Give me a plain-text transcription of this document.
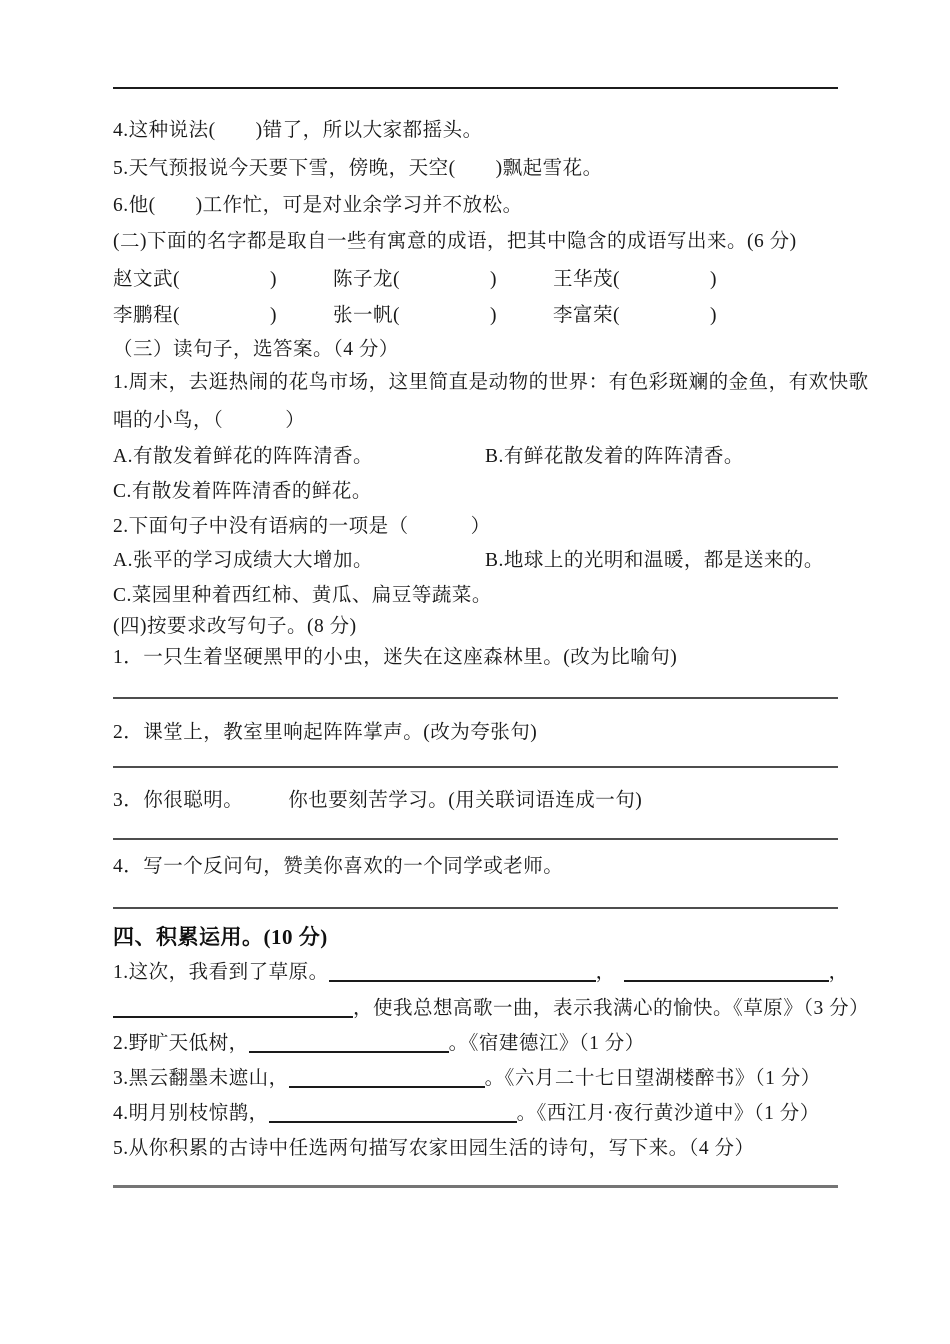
4.这种说法( )错了，所以大家都摇头。
5.天气预报说今天要下雪，傍晚，天空( )飘起雪花。
6.他( )工作忙，可是对业余学习并不放松。
(二)下面的名字都是取自一些有寓意的成语，把其中隐含的成语写出来。(6 分)
赵文武(	)	陈子龙(	)	王华茂(	)
李鹏程(	)	张一帆(	)	李富荣(	)
（三）读句子，选答案。（4 分）
1.周末，去逛热闹的花鸟市场，这里简直是动物的世界：有色彩斑斓的金鱼，有欢快歌
唱的小鸟，（	）
A.有散发着鲜花的阵阵清香。	B.有鲜花散发着的阵阵清香。
C.有散发着阵阵清香的鲜花。
2.下面句子中没有语病的一项是（	）
A.张平的学习成绩大大增加。	B.地球上的光明和温暖，都是送来的。
C.菜园里种着西红柿、黄瓜、扁豆等蔬菜。
(四)按要求改写句子。(8 分)
1．一只生着坚硬黑甲的小虫，迷失在这座森林里。(改为比喻句)
2．课堂上，教室里响起阵阵掌声。(改为夸张句)
3．你很聪明。 你也要刻苦学习。(用关联词语连成一句)
4．写一个反问句，赞美你喜欢的一个同学或老师。
四、积累运用。(10 分)
1.这次，我看到了草原。	，	，
，使我总想高歌一曲，表示我满心的愉快。《草原》（3 分）
2.野旷天低树，	。《宿建德江》（1 分）
3.黑云翻墨未遮山，	。《六月二十七日望湖楼醉书》（1 分）
4.明月别枝惊鹊，	。《西江月·夜行黄沙道中》（1 分）
5.从你积累的古诗中任选两句描写农家田园生活的诗句，写下来。（4 分）
